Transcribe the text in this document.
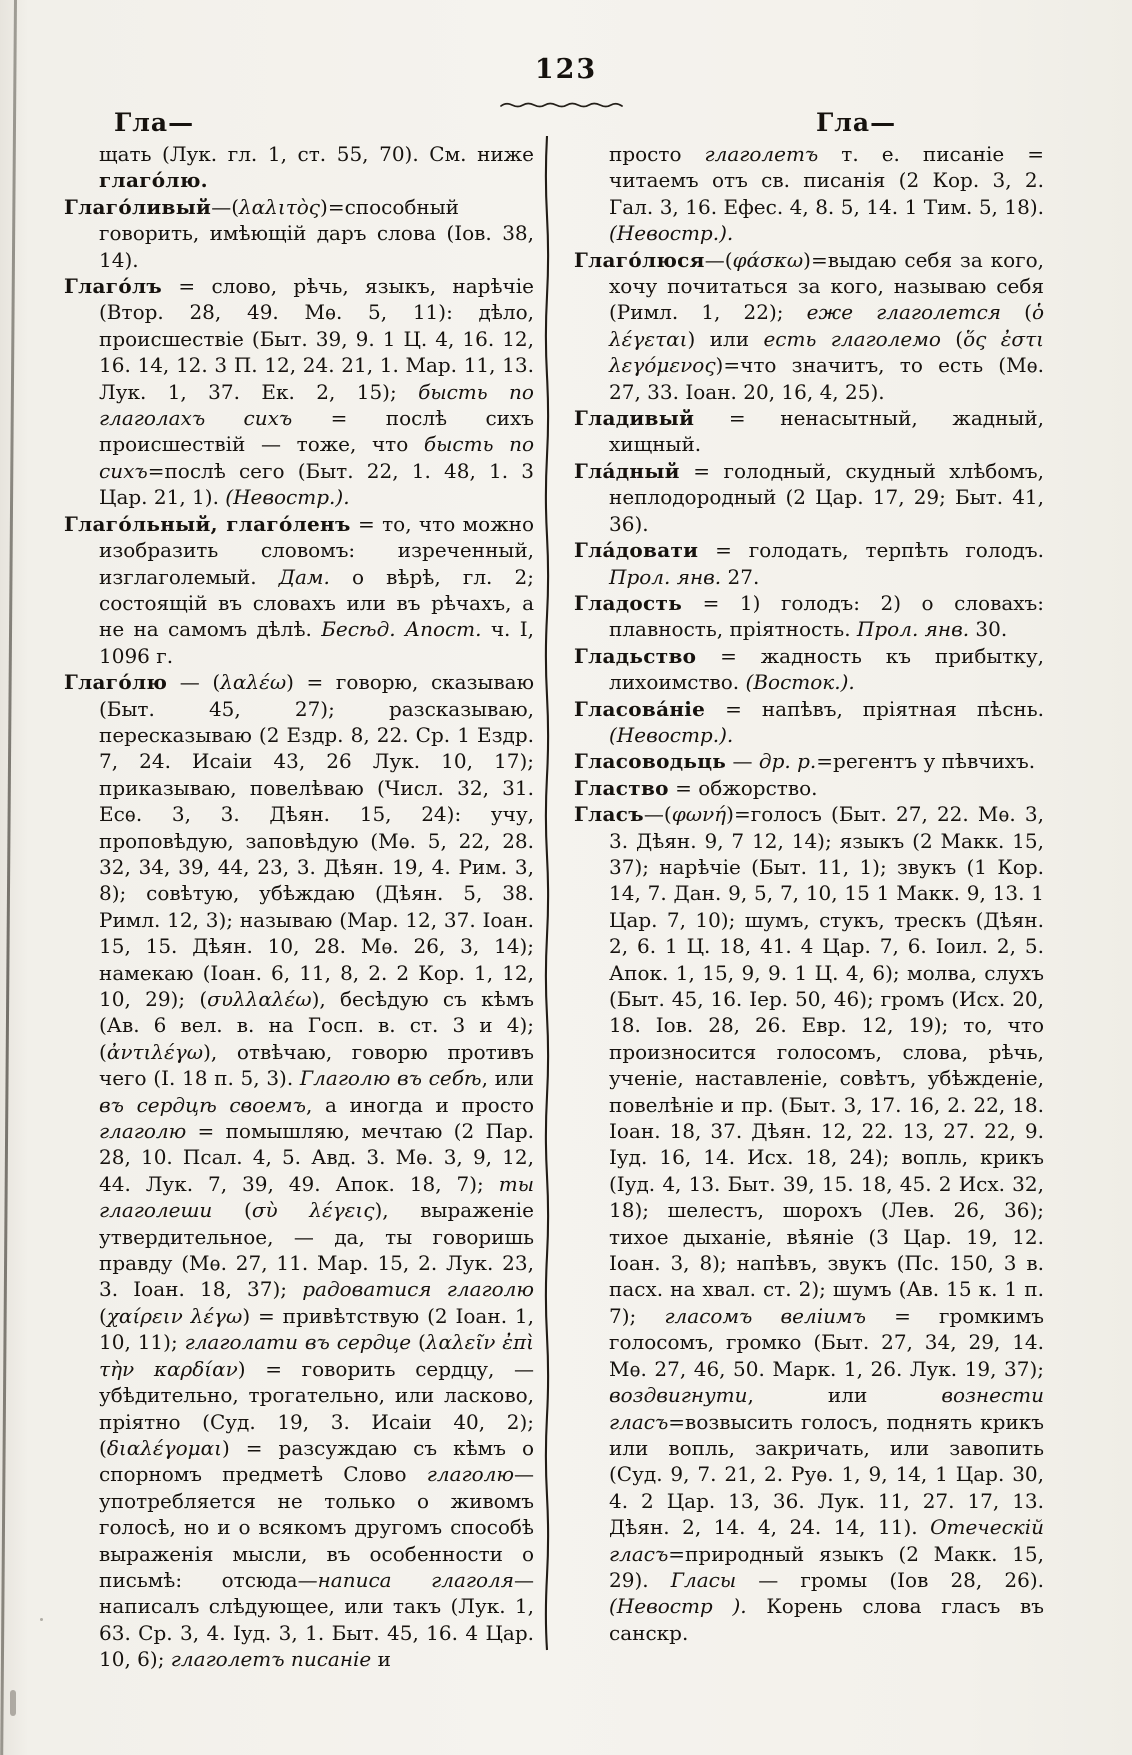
123
Гла—	Гла—

щать (Лук. гл. 1, ст. 55, 70). См. ниже глаго́лю.

Глаго́ливый—(λαλιτὸς)=способный говорить, имѣющій даръ слова (Іов. 38, 14).

Глаго́лъ = слово, рѣчь, языкъ, нарѣчіе (Втор. 28, 49. Мѳ. 5, 11): дѣло, происшествіе (Быт. 39, 9. 1 Ц. 4, 16. 12, 16. 14, 12. 3 П. 12, 24. 21, 1. Мар. 11, 13. Лук. 1, 37. Ек. 2, 15); бысть по глаголахъ сихъ = послѣ сихъ происшествій — тоже, что бысть по сихъ=послѣ сего (Быт. 22, 1. 48, 1. 3 Цар. 21, 1). (Невостр.).

Глаго́льный, глаго́ленъ = то, что можно изобразить словомъ: изреченный, изглаголемый. Дам. о вѣрѣ, гл. 2; состоящій въ словахъ или въ рѣчахъ, а не на самомъ дѣлѣ. Бесѣд. Апост. ч. I, 1096 г.

Глаго́лю — (λαλέω) = говорю, сказываю (Быт. 45, 27); разсказываю, пересказываю (2 Ездр. 8, 22. Ср. 1 Ездр. 7, 24. Исаіи 43, 26 Лук. 10, 17); приказываю, повелѣваю (Числ. 32, 31. Есѳ. 3, 3. Дѣян. 15, 24): учу, проповѣдую, заповѣдую (Мѳ. 5, 22, 28. 32, 34, 39, 44, 23, 3. Дѣян. 19, 4. Рим. 3, 8); совѣтую, убѣждаю (Дѣян. 5, 38. Римл. 12, 3); называю (Мар. 12, 37. Іоан. 15, 15. Дѣян. 10, 28. Мѳ. 26, 3, 14); намекаю (Іоан. 6, 11, 8, 2. 2 Кор. 1, 12, 10, 29); (συλλαλέω), бесѣдую съ кѣмъ (Ав. 6 вел. в. на Госп. в. ст. 3 и 4); (ἀντιλέγω), отвѣчаю, говорю противъ чего (І. 18 п. 5, 3). Глаголю въ себѣ, или въ сердцѣ своемъ, а иногда и просто глаголю = помышляю, мечтаю (2 Пар. 28, 10. Псал. 4, 5. Авд. 3. Мѳ. 3, 9, 12, 44. Лук. 7, 39, 49. Апок. 18, 7); ты глаголеши (σὺ λέγεις), выраженіе утвердительное, — да, ты говоришь правду (Мѳ. 27, 11. Мар. 15, 2. Лук. 23, 3. Іоан. 18, 37); радоватися глаголю (χαίρειν λέγω) = привѣтствую (2 Іоан. 1, 10, 11); глаголати въ сердце (λαλεῖν ἐπὶ τὴν καρδίαν) = говорить сердцу, — убѣдительно, трогательно, или ласково, пріятно (Суд. 19, 3. Исаіи 40, 2); (διαλέγομαι) = разсуждаю съ кѣмъ о спорномъ предметѣ Слово глаголю— употребляется не только о живомъ голосѣ, но и о всякомъ другомъ способѣ выраженія мысли, въ особенности о письмѣ: отсюда—написа глаголя—написалъ слѣдующее, или такъ (Лук. 1, 63. Ср. 3, 4. Іуд. 3, 1. Быт. 45, 16. 4 Цар. 10, 6); глаголетъ писаніе и

просто глаголетъ т. е. писаніе = читаемъ отъ св. писанія (2 Кор. 3, 2. Гал. 3, 16. Ефес. 4, 8. 5, 14. 1 Тим. 5, 18). (Невостр.).

Глаго́люся—(φάσκω)=выдаю себя за кого, хочу почитаться за кого, называю себя (Римл. 1, 22); еже глаголется (ὁ λέγεται) или есть глаголемо (ὅς ἐστι λεγόμενος)=что значитъ, то есть (Мѳ. 27, 33. Іоан. 20, 16, 4, 25).

Гладивый = ненасытный, жадный, хищный.

Гла́дный = голодный, скудный хлѣбомъ, неплодородный (2 Цар. 17, 29; Быт. 41, 36).

Гла́довати = голодать, терпѣть голодъ. Прол. янв. 27.

Гладость = 1) голодъ: 2) о словахъ: плавность, пріятность. Прол. янв. 30.

Гладьство = жадность къ прибытку, лихоимство. (Восток.).

Гласова́ніе = напѣвъ, пріятная пѣснь. (Невостр.).

Гласоводьць — др. р.=регентъ у пѣвчихъ.

Гластво = обжорство.

Гласъ—(φωνή)=голосъ (Быт. 27, 22. Мѳ. 3, 3. Дѣян. 9, 7 12, 14); языкъ (2 Макк. 15, 37); нарѣчіе (Быт. 11, 1); звукъ (1 Кор. 14, 7. Дан. 9, 5, 7, 10, 15 1 Макк. 9, 13. 1 Цар. 7, 10); шумъ, стукъ, трескъ (Дѣян. 2, 6. 1 Ц. 18, 41. 4 Цар. 7, 6. Іоил. 2, 5. Апок. 1, 15, 9, 9. 1 Ц. 4, 6); молва, слухъ (Быт. 45, 16. Іер. 50, 46); громъ (Исх. 20, 18. Іов. 28, 26. Евр. 12, 19); то, что произносится голосомъ, слова, рѣчь, ученіе, наставленіе, совѣтъ, убѣжденіе, повелѣніе и пр. (Быт. 3, 17. 16, 2. 22, 18. Іоан. 18, 37. Дѣян. 12, 22. 13, 27. 22, 9. Іуд. 16, 14. Исх. 18, 24); вопль, крикъ (Іуд. 4, 13. Быт. 39, 15. 18, 45. 2 Исх. 32, 18); шелестъ, шорохъ (Лев. 26, 36); тихое дыханіе, вѣяніе (3 Цар. 19, 12. Іоан. 3, 8); напѣвъ, звукъ (Пс. 150, 3 в. пасх. на хвал. ст. 2); шумъ (Ав. 15 к. 1 п. 7); гласомъ веліимъ = громкимъ голосомъ, громко (Быт. 27, 34, 29, 14. Мѳ. 27, 46, 50. Марк. 1, 26. Лук. 19, 37); воздвигнути, или вознести гласъ=возвысить голосъ, поднять крикъ или вопль, закричать, или завопить (Суд. 9, 7. 21, 2. Руѳ. 1, 9, 14, 1 Цар. 30, 4. 2 Цар. 13, 36. Лук. 11, 27. 17, 13. Дѣян. 2, 14. 4, 24. 14, 11). Отеческій гласъ=природный языкъ (2 Макк. 15, 29). Гласы — громы (Іов 28, 26). (Невостр ). Корень слова гласъ въ санскр.
